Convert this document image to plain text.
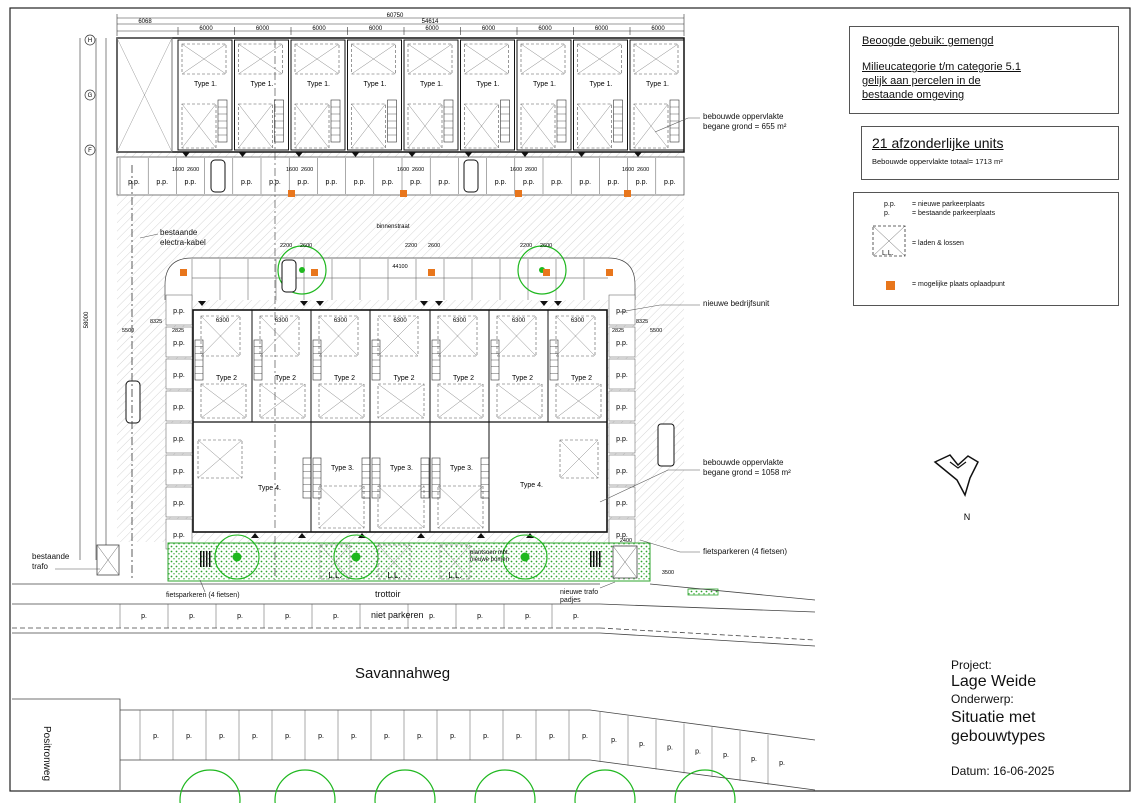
60750
54614
6068
6000	6000	6000	6000	6000	6000	6000	6000	6000
58000
H
G
F
Type 1.	Type 1.	Type 1.	Type 1.	Type 1.	Type 1.	Type 1.	Type 1.	Type 1.
p.p. p.p. p.p.	p.p. p.p. p.p. p.p. p.p. p.p. p.p. p.p.	p.p. p.p. p.p. p.p. p.p. p.p. p.p.
1600 2600	1600 2600	1600 2600	1600 2600	1600 2600
binnenstraat
2200 2600	2200 2600
2200 2600
44100
p.p.
p.p.
p.p.
p.p.
p.p.
p.p.
p.p.
p.p.
p.p.
p.p.
p.p.
p.p.
p.p.
p.p.
p.p.
p.p.
8325
5500	2825
8325
2825	5500
6300
Type 2
6300
Type 2
6300
Type 2
6300
Type 2
6300
Type 2
6300
Type 2
6300
Type 2
Type 4.	Type 4.
Type 3.	Type 3.	Type 3.
L.L.	L.L.	L.L.
2400
3500
p.	p.	p.	p.	p.	p.	p.	p.	p.
p.	p.	p.	p.	p.	p.	p.	p.	p.	p.	p.	p.	p.	p.
p.
p.
p.
p.
p.
p.
p.
N
Beoogde gebuik: gemengd
Milieucategorie t/m categorie 5.1
gelijk aan percelen in de
bestaande omgeving
21 afzonderlijke units
Bebouwde oppervlakte totaal= 1713 m²
p.p. = nieuwe parkeerplaats
p.	= bestaande parkeerplaats
L.L.
= laden & lossen
= mogelijke plaats oplaadpunt
Project:
Lage Weide
Onderwerp:
Situatie met
gebouwtypes
Datum: 16-06-2025
bebouwde oppervlakte
begane grond = 655 m²
nieuwe bedrijfsunit
bebouwde oppervlakte
begane grond = 1058 m²
fietsparkeren (4 fietsen)
bestaande
electra-kabel
bestaande
trafo
fietsparkeren (4 fietsen)
plantsoen mbt.
nieuwe bomen
nieuwe trafo
padjes
trottoir
niet parkeren
Savannahweg
Positronweg
